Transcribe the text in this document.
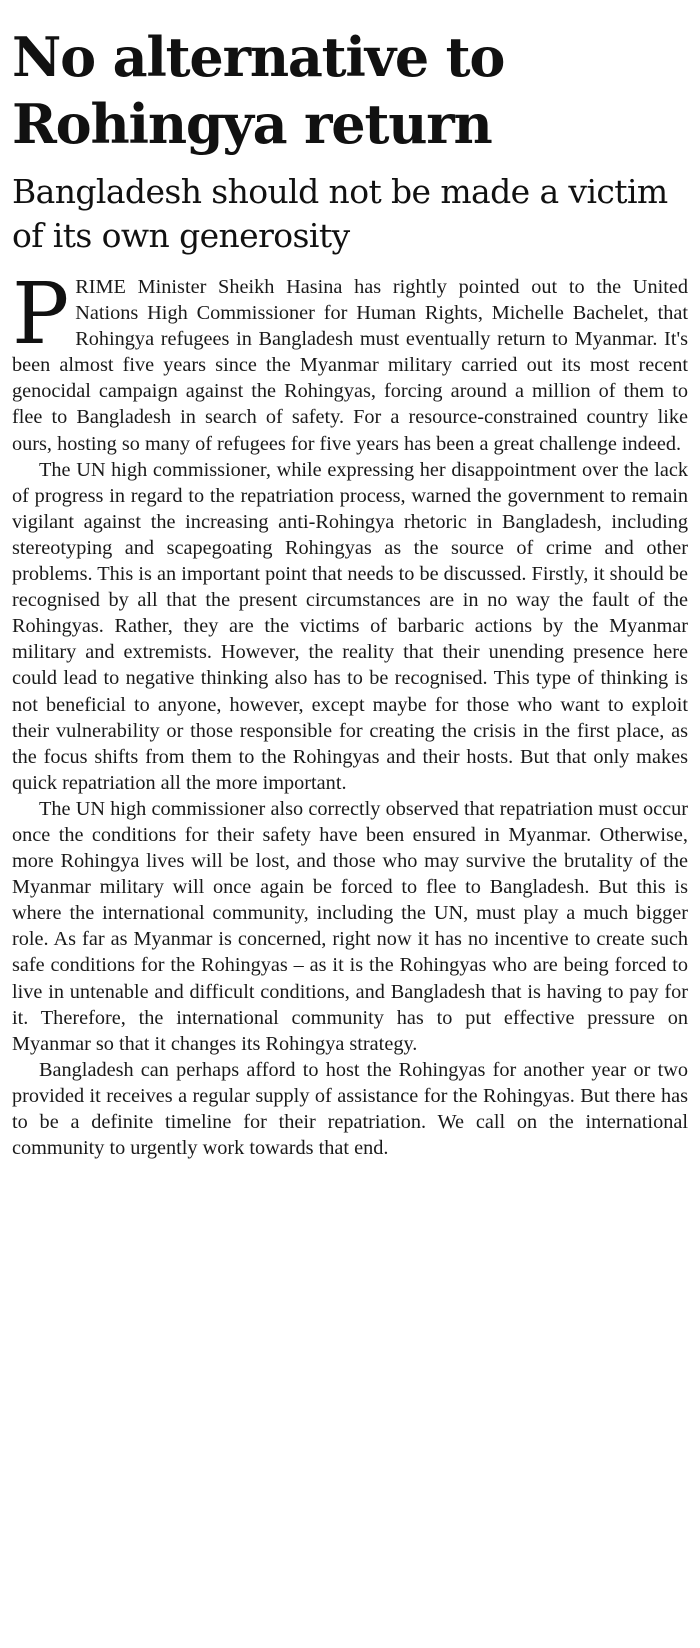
No alternative to Rohingya return
Bangladesh should not be made a victim of its own generosity

PRIME Minister Sheikh Hasina has rightly pointed out to the United Nations High Commissioner for Human Rights, Michelle Bachelet, that Rohingya refugees in Bangladesh must eventually return to Myanmar. It's been almost five years since the Myanmar military carried out its most recent genocidal campaign against the Rohingyas, forcing around a million of them to flee to Bangladesh in search of safety. For a resource-constrained country like ours, hosting so many of refugees for five years has been a great challenge indeed.

The UN high commissioner, while expressing her disappointment over the lack of progress in regard to the repatriation process, warned the government to remain vigilant against the increasing anti-Rohingya rhetoric in Bangladesh, including stereotyping and scapegoating Rohingyas as the source of crime and other problems. This is an important point that needs to be discussed. Firstly, it should be recognised by all that the present circumstances are in no way the fault of the Rohingyas. Rather, they are the victims of barbaric actions by the Myanmar military and extremists. However, the reality that their unending presence here could lead to negative thinking also has to be recognised. This type of thinking is not beneficial to anyone, however, except maybe for those who want to exploit their vulnerability or those responsible for creating the crisis in the first place, as the focus shifts from them to the Rohingyas and their hosts. But that only makes quick repatriation all the more important.

The UN high commissioner also correctly observed that repatriation must occur once the conditions for their safety have been ensured in Myanmar. Otherwise, more Rohingya lives will be lost, and those who may survive the brutality of the Myanmar military will once again be forced to flee to Bangladesh. But this is where the international community, including the UN, must play a much bigger role. As far as Myanmar is concerned, right now it has no incentive to create such safe conditions for the Rohingyas – as it is the Rohingyas who are being forced to live in untenable and difficult conditions, and Bangladesh that is having to pay for it. Therefore, the international community has to put effective pressure on Myanmar so that it changes its Rohingya strategy.

Bangladesh can perhaps afford to host the Rohingyas for another year or two provided it receives a regular supply of assistance for the Rohingyas. But there has to be a definite timeline for their repatriation. We call on the international community to urgently work towards that end.
